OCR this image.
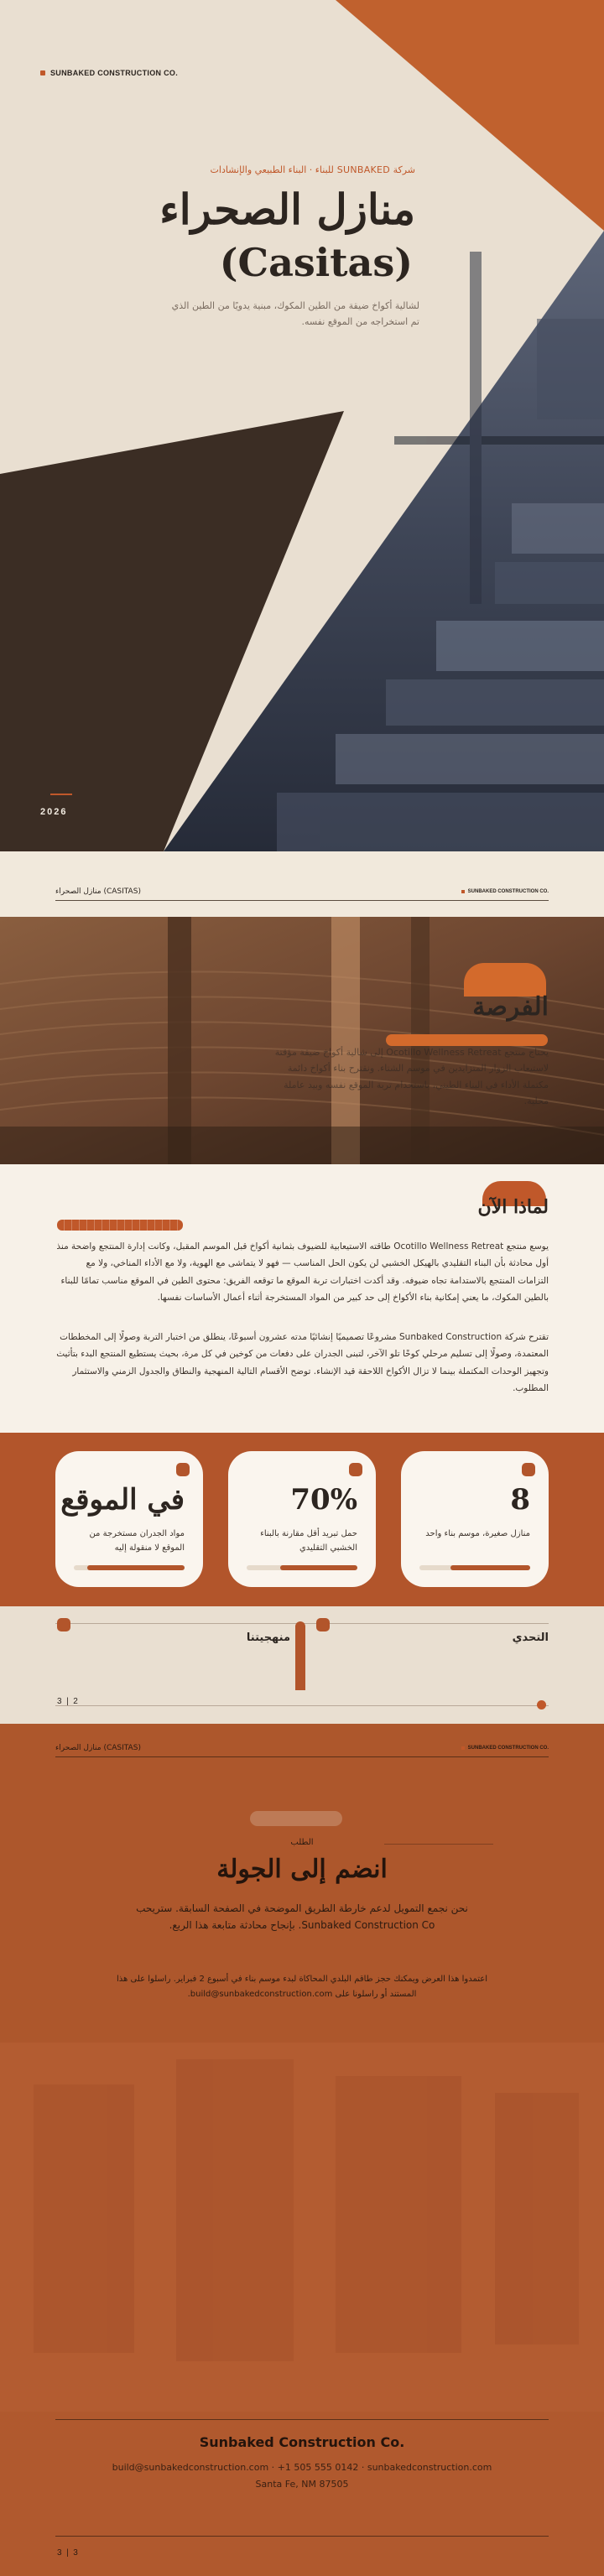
SUNBAKED CONSTRUCTION CO.
شركة SUNBAKED للبناء · البناء الطبيعي والإنشادات
منازل الصحراء
(Casitas)
لشالية أكواخ ضيقة من الطين المكوك، مبنية يدويًا من الطين الذي تم استخراجه من الموقع نفسه.
2026
(CASITAS) منازل الصحراء	SUNBAKED CONSTRUCTION CO.
الفرصة
يحتاج منتجع Ocotillo Wellness Retreat إلى شالية أكواخ ضيقة مؤقتة لاستيعاب الزوار المتزايدين في موسم الشتاء. ونقترح بناء أكواخ دائمة مكتملة الأداء في البناء الطيني، باستخدام تربة الموقع نفسه وبيد عاملة محلية.
لماذا الآن

يوسع منتجع Ocotillo Wellness Retreat طاقته الاستيعابية للضيوف بثمانية أكواخ قبل الموسم المقبل، وكانت إدارة المنتجع واضحة منذ أول محادثة بأن البناء التقليدي بالهيكل الخشبي لن يكون الحل المناسب — فهو لا يتماشى مع الهوية، ولا مع الأداء المناخي، ولا مع التزامات المنتجع بالاستدامة تجاه ضيوفه. وقد أكدت اختبارات تربة الموقع ما توقعه الفريق: محتوى الطين في الموقع مناسب تمامًا للبناء بالطين المكوك، ما يعني إمكانية بناء الأكواخ إلى حد كبير من المواد المستخرجة أثناء أعمال الأساسات نفسها.

تقترح شركة Sunbaked Construction مشروعًا تصميميًا إنشائيًا مدته عشرون أسبوعًا، ينطلق من اختبار التربة وصولًا إلى المخططات المعتمدة، وصولًا إلى تسليم مرحلي كوخًا تلو الآخر، لتبنى الجدران على دفعات من كوخين في كل مرة، بحيث يستطيع المنتجع البدء بتأثيث وتجهيز الوحدات المكتملة بينما لا تزال الأكواخ اللاحقة قيد الإنشاء. توضح الأقسام التالية المنهجية والنطاق والجدول الزمني والاستثمار المطلوب.

8
منازل صغيرة، موسم بناء واحد
70%
حمل تبريد أقل مقارنة بالبناء الخشبي التقليدي
في الموقع
مواد الجدران مستخرجة من الموقع لا منقولة إليه
التحدي
منهجيتنا
3  |  2
(CASITAS) منازل الصحراء	SUNBAKED CONSTRUCTION CO.
الطلب
انضم إلى الجولة

نحن نجمع التمويل لدعم خارطة الطريق الموضحة في الصفحة السابقة. ستريحب Sunbaked Construction Co. بإنجاح محادثة متابعة هذا الربع.

اعتمدوا هذا العرض ويمكنك حجز طاقم البلدي المحاكاة لبدء موسم بناء في أسبوع 2 فبراير. راسلوا على هذا المستند أو راسلونا على build@sunbakedconstruction.com.

Sunbaked Construction Co.
build@sunbakedconstruction.com · +1 505 555 0142 · sunbakedconstruction.com
Santa Fe, NM 87505
3  |  3
